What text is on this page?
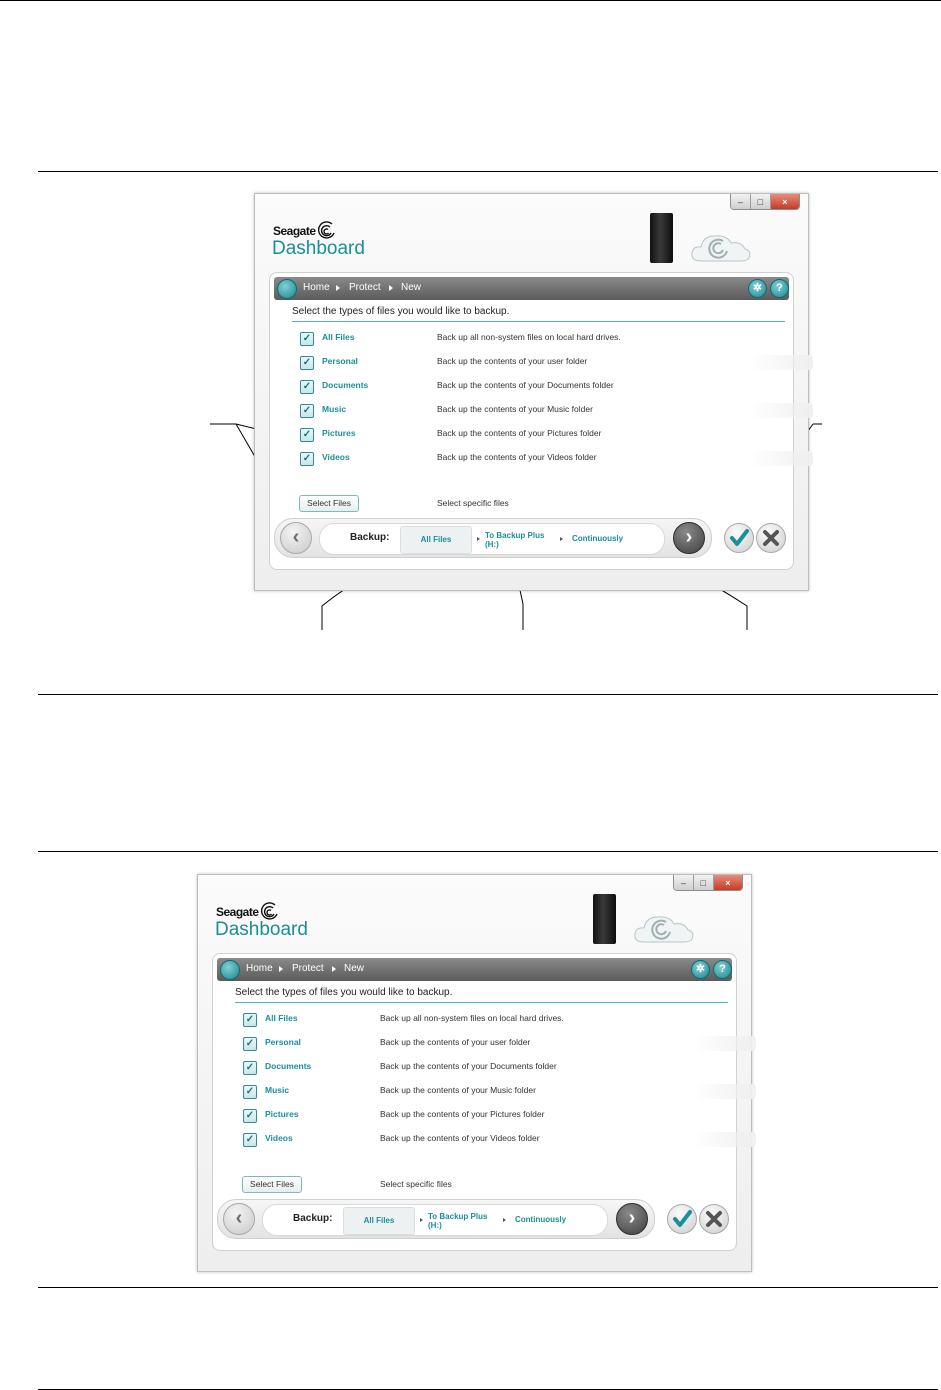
–	□	×
Seagate
Dashboard
Home Protect New	✲	?
Select the types of files you would like to backup.
✓	All Files	Back up all non-system files on local hard drives.
✓	Personal	Back up the contents of your user folder
✓	Documents	Back up the contents of your Documents folder
✓	Music	Back up the contents of your Music folder
✓	Pictures	Back up the contents of your Pictures folder
✓	Videos	Back up the contents of your Videos folder
Select Files	Select specific files
‹	Backup:	All Files	To Backup Plus (H:)
Continuously	›
–	□	×
Seagate
Dashboard
Home Protect New	✲	?
Select the types of files you would like to backup.
✓	All Files	Back up all non-system files on local hard drives.
✓	Personal	Back up the contents of your user folder
✓	Documents	Back up the contents of your Documents folder
✓	Music	Back up the contents of your Music folder
✓	Pictures	Back up the contents of your Pictures folder
✓	Videos	Back up the contents of your Videos folder
Select Files	Select specific files
‹	Backup:	All Files	To Backup Plus (H:)
Continuously	›
